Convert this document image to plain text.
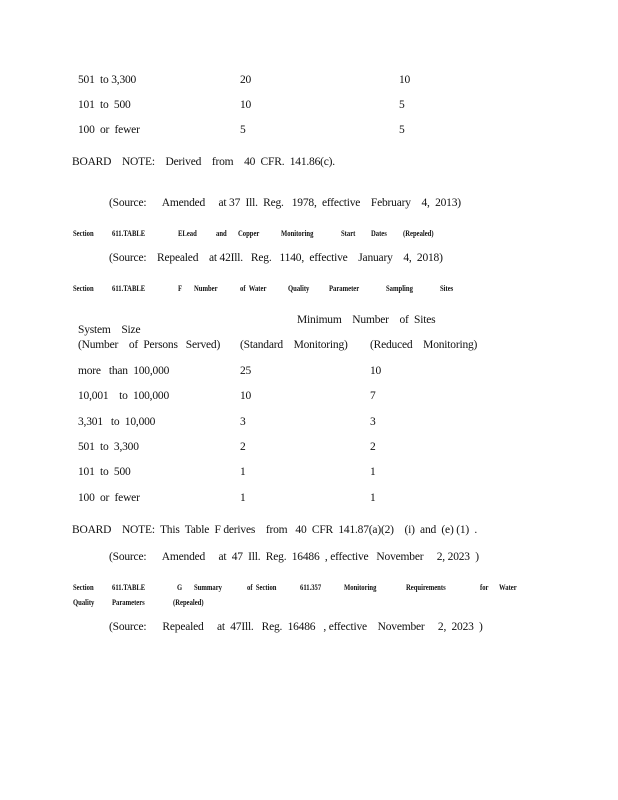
501  to 3,300	20	10
101  to  500	10	5
100  or  fewer	5	5
BOARD    NOTE:    Derived    from    40  CFR.  141.86(c).
(Source:      Amended     at 37  Ill.  Reg.   1978,  effective    February    4,  2013)
Section 611.TABLE	ELead and Copper	Monitoring	Start Dates (Repealed)
(Source:    Repealed    at 42Ill.   Reg.   1140,  effective    January    4,  2018)
Section 611.TABLE	F Number	of  Water	Quality Parameter	Sampling	Sites
Minimum    Number    of  Sites
System    Size
(Number    of  Persons   Served) (Standard    Monitoring) (Reduced    Monitoring)
more   than  100,000	25	10
10,001    to  100,000	10	7
3,301   to  10,000	3	3
501  to  3,300	2	2
101  to  500	1	1
100  or  fewer	1	1
BOARD    NOTE:  This  Table  F derives    from   40  CFR  141.87(a)(2)    (i)  and  (e) (1)  .
(Source:      Amended     at  47  Ill.  Reg.  16486  , effective   November     2, 2023  )
Section 611.TABLE	G Summary	of  Section	611.357	Monitoring	Requirements	for Water
Quality Parameters	(Repealed)
(Source:      Repealed     at  47Ill.   Reg.  16486   , effective    November     2,  2023  )
